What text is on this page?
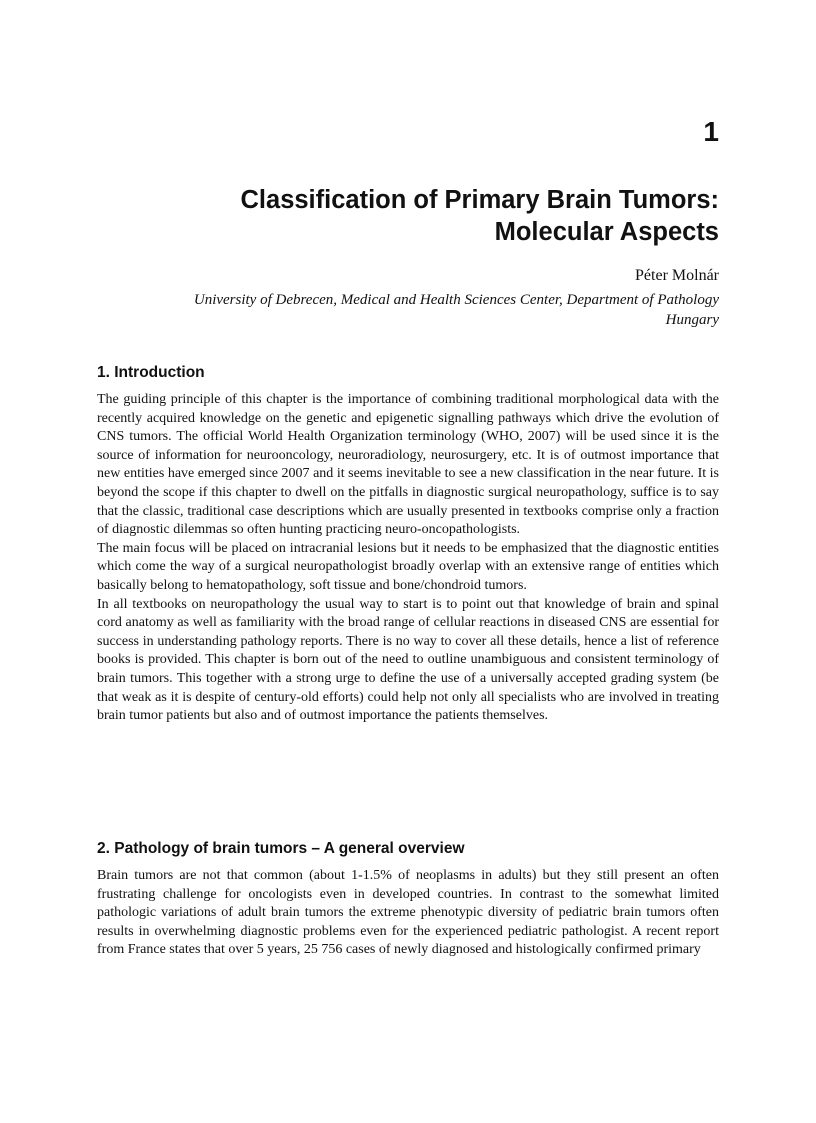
1
Classification of Primary Brain Tumors:
Molecular Aspects
Péter Molnár
University of Debrecen, Medical and Health Sciences Center, Department of Pathology
Hungary
1. Introduction

The guiding principle of this chapter is the importance of combining traditional morphological data with the recently acquired knowledge on the genetic and epigenetic signalling pathways which drive the evolution of CNS tumors. The official World Health Organization terminology (WHO, 2007) will be used since it is the source of information for neurooncology, neuroradiology, neurosurgery, etc. It is of outmost importance that new entities have emerged since 2007 and it seems inevitable to see a new classification in the near future. It is beyond the scope if this chapter to dwell on the pitfalls in diagnostic surgical neuropathology, suffice is to say that the classic, traditional case descriptions which are usually presented in textbooks comprise only a fraction of diagnostic dilemmas so often hunting practicing neuro-oncopathologists.

The main focus will be placed on intracranial lesions but it needs to be emphasized that the diagnostic entities which come the way of a surgical neuropathologist broadly overlap with an extensive range of entities which basically belong to hematopathology, soft tissue and bone/chondroid tumors.

In all textbooks on neuropathology the usual way to start is to point out that knowledge of brain and spinal cord anatomy as well as familiarity with the broad range of cellular reactions in diseased CNS are essential for success in understanding pathology reports. There is no way to cover all these details, hence a list of reference books is provided. This chapter is born out of the need to outline unambiguous and consistent terminology of brain tumors. This together with a strong urge to define the use of a universally accepted grading system (be that weak as it is despite of century-old efforts) could help not only all specialists who are involved in treating brain tumor patients but also and of outmost importance the patients themselves.

2. Pathology of brain tumors – A general overview

Brain tumors are not that common (about 1-1.5% of neoplasms in adults) but they still present an often frustrating challenge for oncologists even in developed countries. In contrast to the somewhat limited pathologic variations of adult brain tumors the extreme phenotypic diversity of pediatric brain tumors often results in overwhelming diagnostic problems even for the experienced pediatric pathologist. A recent report from France states that over 5 years, 25 756 cases of newly diagnosed and histologically confirmed primary
